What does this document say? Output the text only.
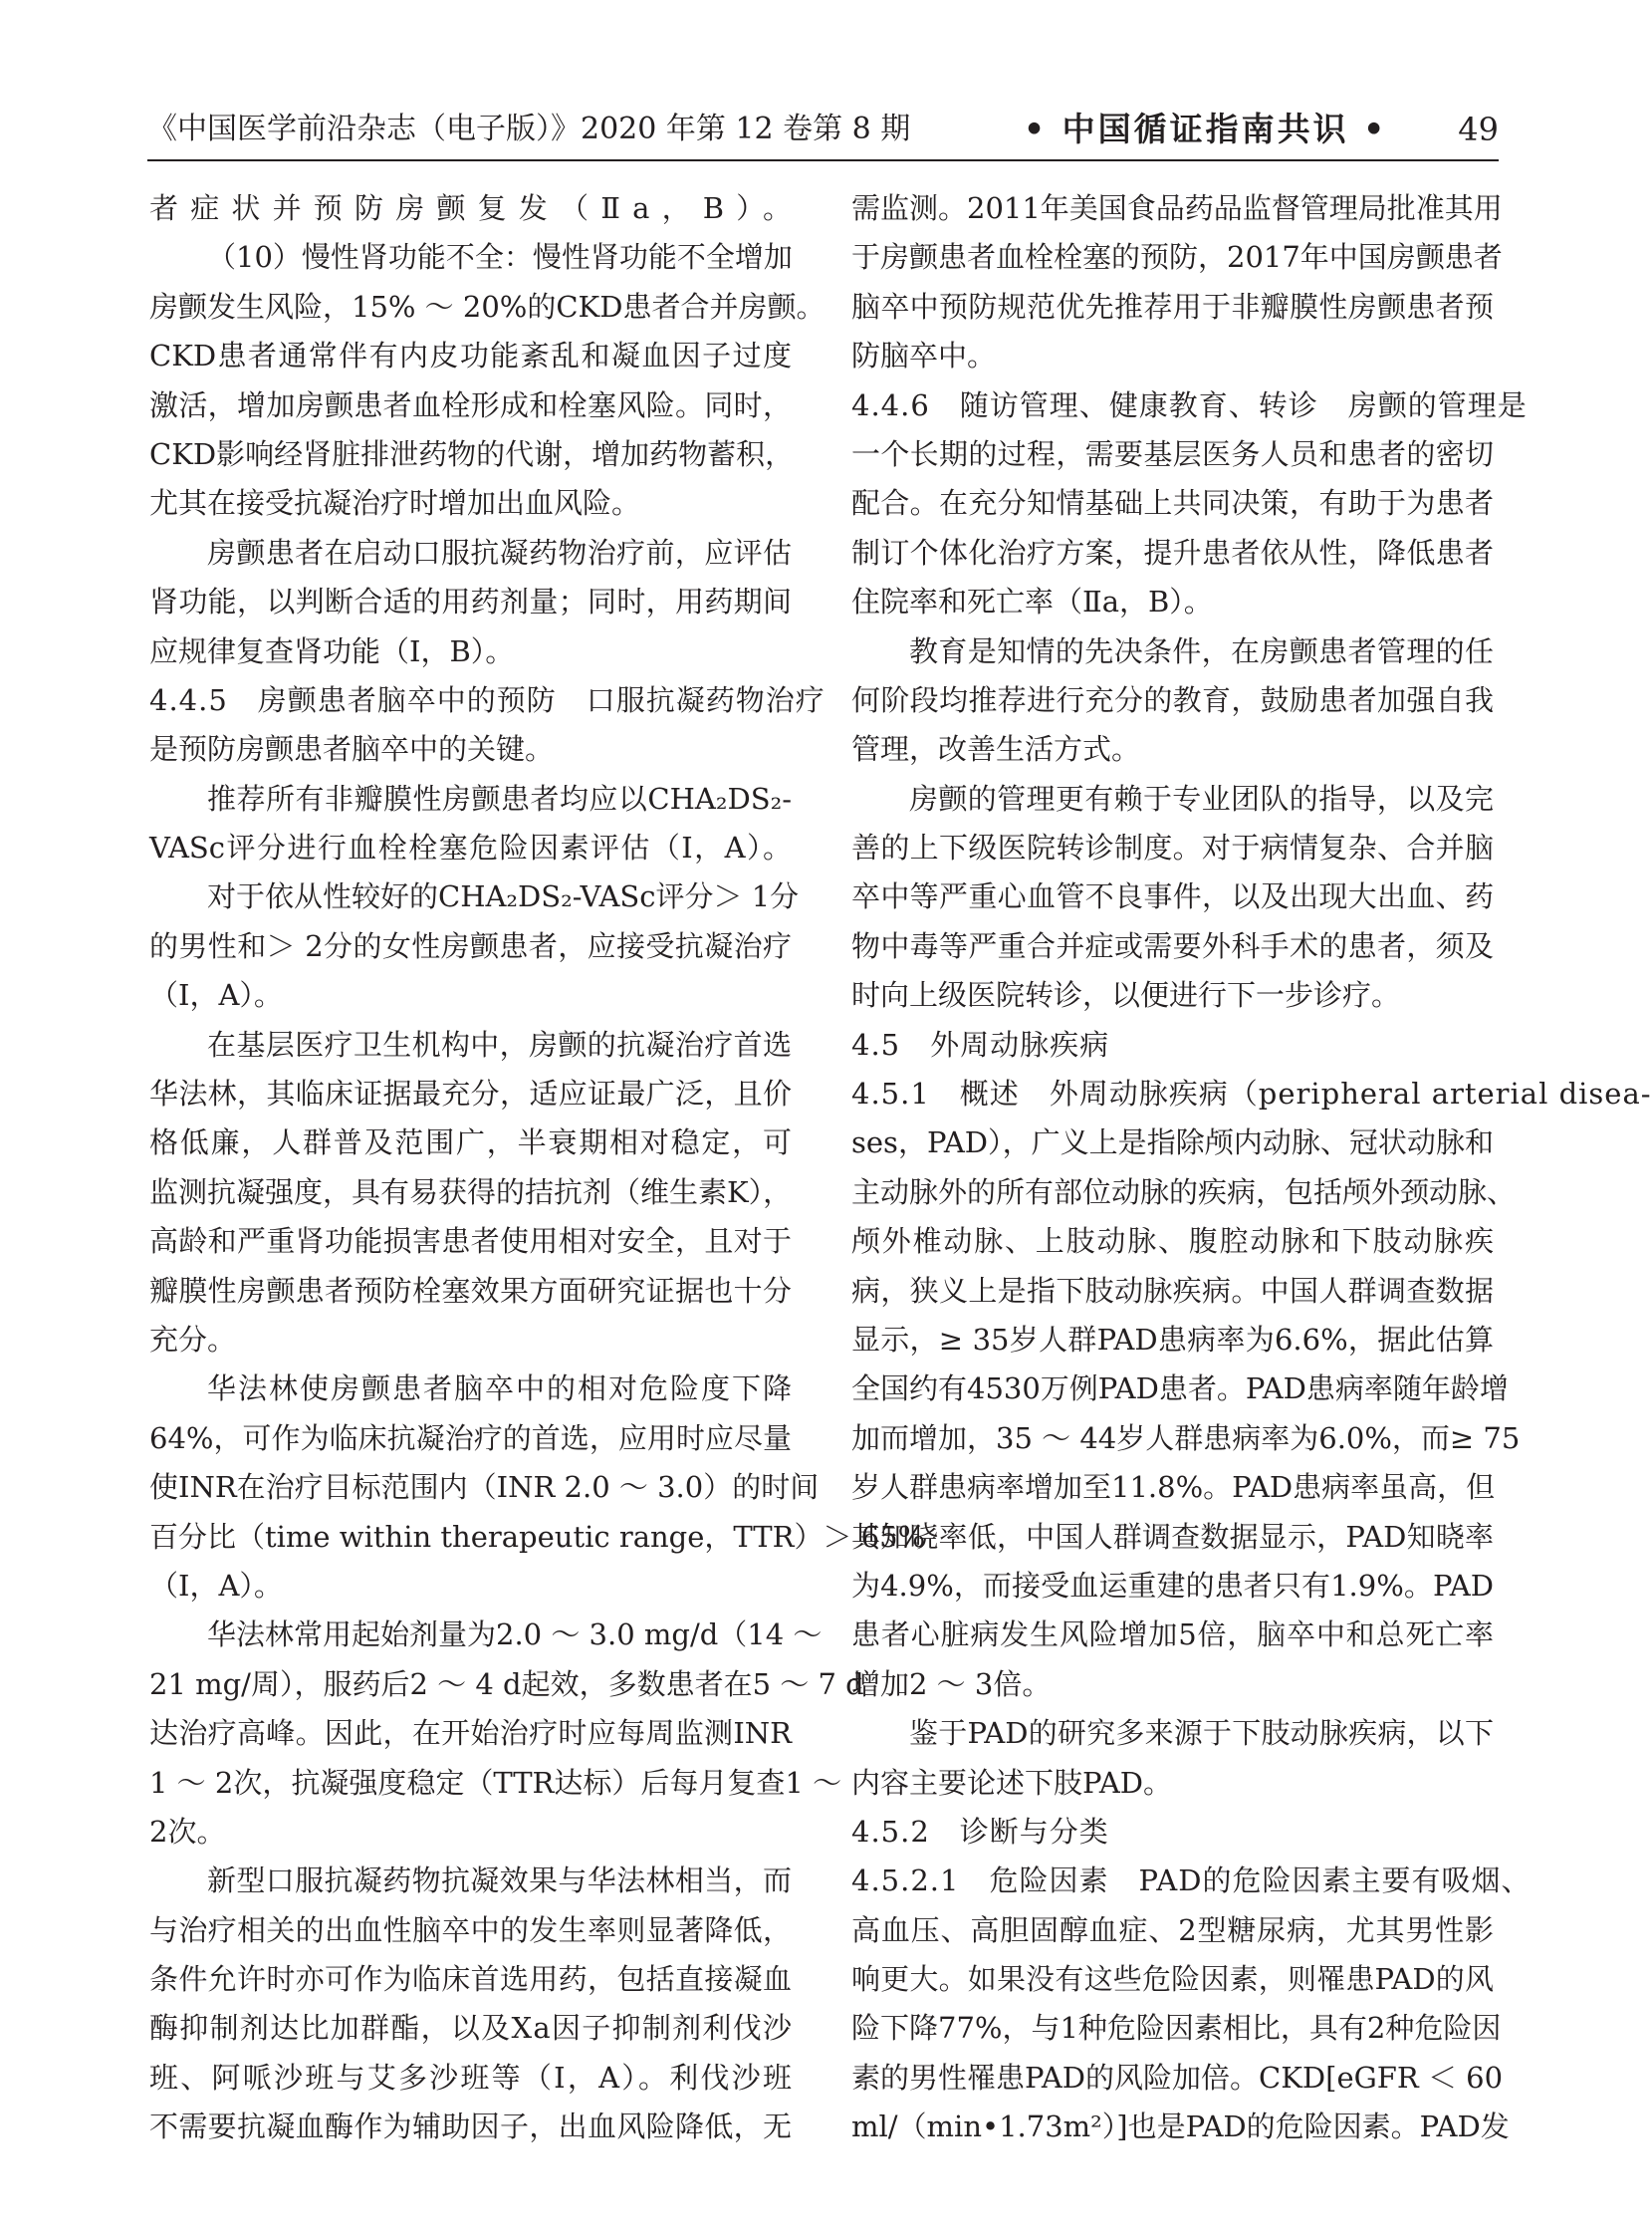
《中国医学前沿杂志（电子版）》2020 年第 12 卷第 8 期	• 中国循证指南共识 • 49
者症状并预防房颤复发（Ⅱa，B）。
（10）慢性肾功能不全：慢性肾功能不全增加
房颤发生风险，15% ～ 20%的CKD患者合并房颤。
CKD患者通常伴有内皮功能紊乱和凝血因子过度
激活，增加房颤患者血栓形成和栓塞风险。同时，
CKD影响经肾脏排泄药物的代谢，增加药物蓄积，
尤其在接受抗凝治疗时增加出血风险。
房颤患者在启动口服抗凝药物治疗前，应评估
肾功能，以判断合适的用药剂量；同时，用药期间
应规律复查肾功能（Ⅰ，B）。
4.4.5　房颤患者脑卒中的预防　口服抗凝药物治疗
是预防房颤患者脑卒中的关键。
推荐所有非瓣膜性房颤患者均应以CHA₂DS₂-
VASc评分进行血栓栓塞危险因素评估（Ⅰ，A）。
对于依从性较好的CHA₂DS₂-VASc评分＞ 1分
的男性和＞ 2分的女性房颤患者，应接受抗凝治疗
（Ⅰ，A）。
在基层医疗卫生机构中，房颤的抗凝治疗首选
华法林，其临床证据最充分，适应证最广泛，且价
格低廉，人群普及范围广，半衰期相对稳定，可
监测抗凝强度，具有易获得的拮抗剂（维生素K），
高龄和严重肾功能损害患者使用相对安全，且对于
瓣膜性房颤患者预防栓塞效果方面研究证据也十分
充分。
华法林使房颤患者脑卒中的相对危险度下降
64%，可作为临床抗凝治疗的首选，应用时应尽量
使INR在治疗目标范围内（INR 2.0 ～ 3.0）的时间
百分比（time within therapeutic range，TTR）＞ 65%
（Ⅰ，A）。
华法林常用起始剂量为2.0 ～ 3.0 mg/d（14 ～
21 mg/周），服药后2 ～ 4 d起效，多数患者在5 ～ 7 d
达治疗高峰。因此，在开始治疗时应每周监测INR
1 ～ 2次，抗凝强度稳定（TTR达标）后每月复查1 ～
2次。
新型口服抗凝药物抗凝效果与华法林相当，而
与治疗相关的出血性脑卒中的发生率则显著降低，
条件允许时亦可作为临床首选用药，包括直接凝血
酶抑制剂达比加群酯，以及Ⅹa因子抑制剂利伐沙
班、阿哌沙班与艾多沙班等（Ⅰ，A）。利伐沙班
不需要抗凝血酶作为辅助因子，出血风险降低，无
需监测。2011年美国食品药品监督管理局批准其用
于房颤患者血栓栓塞的预防，2017年中国房颤患者
脑卒中预防规范优先推荐用于非瓣膜性房颤患者预
防脑卒中。
4.4.6　随访管理、健康教育、转诊　房颤的管理是
一个长期的过程，需要基层医务人员和患者的密切
配合。在充分知情基础上共同决策，有助于为患者
制订个体化治疗方案，提升患者依从性，降低患者
住院率和死亡率（Ⅱa，B）。
教育是知情的先决条件，在房颤患者管理的任
何阶段均推荐进行充分的教育，鼓励患者加强自我
管理，改善生活方式。
房颤的管理更有赖于专业团队的指导，以及完
善的上下级医院转诊制度。对于病情复杂、合并脑
卒中等严重心血管不良事件，以及出现大出血、药
物中毒等严重合并症或需要外科手术的患者，须及
时向上级医院转诊，以便进行下一步诊疗。
4.5　外周动脉疾病
4.5.1　概述　外周动脉疾病（peripheral arterial disea-
ses，PAD），广义上是指除颅内动脉、冠状动脉和
主动脉外的所有部位动脉的疾病，包括颅外颈动脉、
颅外椎动脉、上肢动脉、腹腔动脉和下肢动脉疾
病，狭义上是指下肢动脉疾病。中国人群调查数据
显示，≥ 35岁人群PAD患病率为6.6%，据此估算
全国约有4530万例PAD患者。PAD患病率随年龄增
加而增加，35 ～ 44岁人群患病率为6.0%，而≥ 75
岁人群患病率增加至11.8%。PAD患病率虽高，但
其知晓率低，中国人群调查数据显示，PAD知晓率
为4.9%，而接受血运重建的患者只有1.9%。PAD
患者心脏病发生风险增加5倍，脑卒中和总死亡率
增加2 ～ 3倍。
鉴于PAD的研究多来源于下肢动脉疾病，以下
内容主要论述下肢PAD。
4.5.2　诊断与分类
4.5.2.1　危险因素　PAD的危险因素主要有吸烟、
高血压、高胆固醇血症、2型糖尿病，尤其男性影
响更大。如果没有这些危险因素，则罹患PAD的风
险下降77%，与1种危险因素相比，具有2种危险因
素的男性罹患PAD的风险加倍。CKD[eGFR ＜ 60
ml/（min•1.73m²）]也是PAD的危险因素。PAD发
